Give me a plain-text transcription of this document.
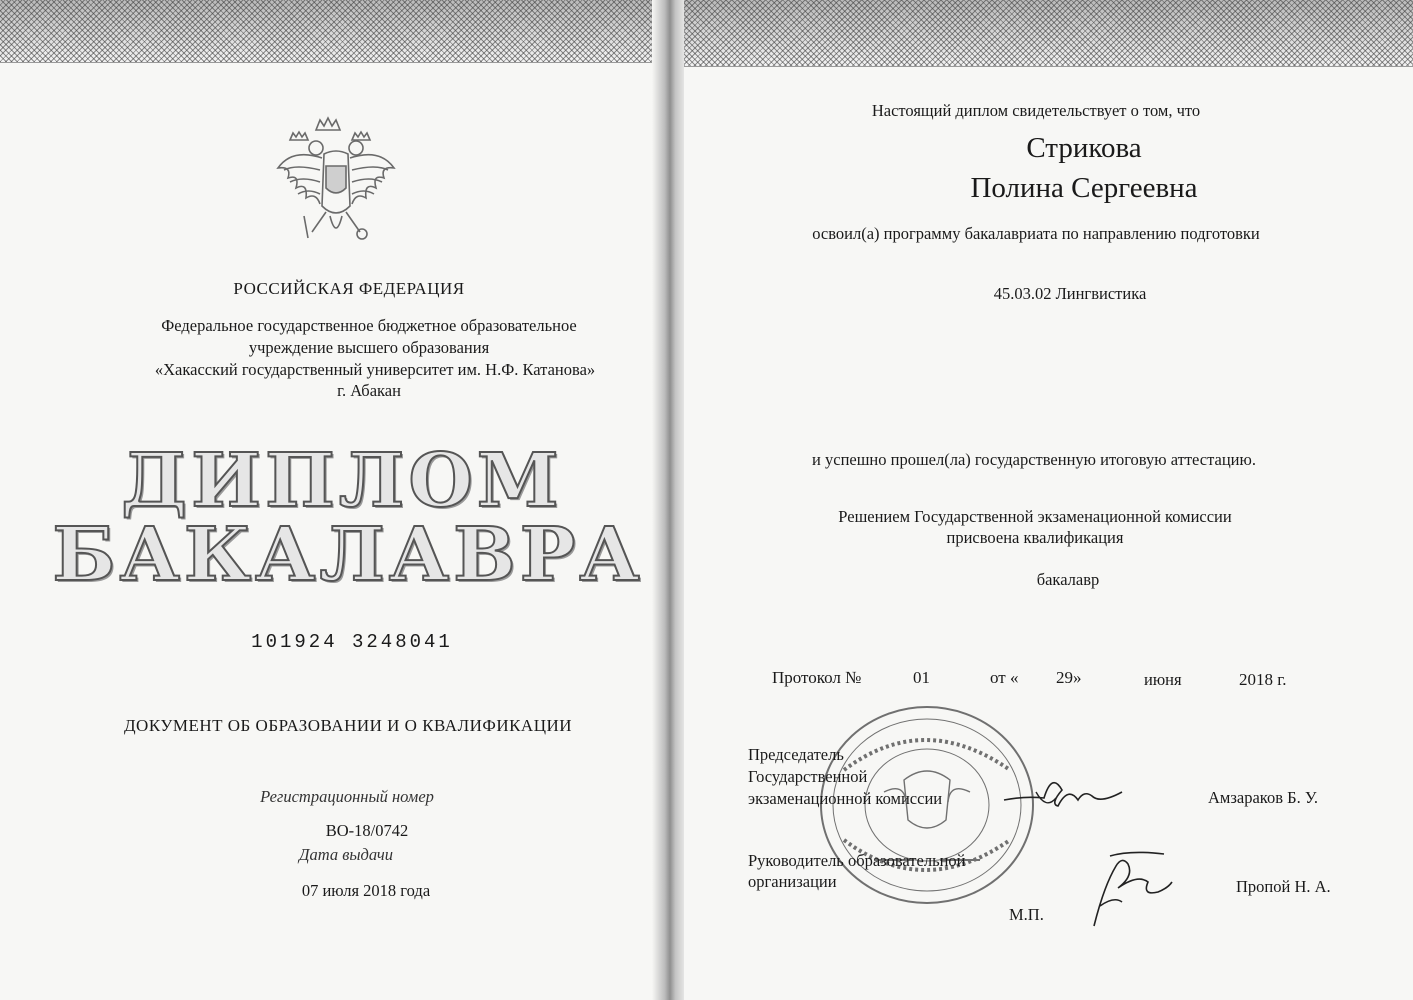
РОССИЙСКАЯ ФЕДЕРАЦИЯ
Федеральное государственное бюджетное образовательное
учреждение высшего образования
«Хакасский государственный университет им. Н.Ф. Катанова»
г. Абакан
ДИПЛОМ
БАКАЛАВРА
101924 3248041
ДОКУМЕНТ ОБ ОБРАЗОВАНИИ И О КВАЛИФИКАЦИИ
Регистрационный номер
ВО-18/0742
Дата выдачи
07 июля 2018 года
Настоящий диплом свидетельствует о том, что
Стрикова
Полина Сергеевна
освоил(а) программу бакалавриата по направлению подготовки
45.03.02 Лингвистика
и успешно прошел(ла) государственную итоговую аттестацию.
Решением Государственной экзаменационной комиссии
присвоена квалификация
бакалавр
Протокол №	01	от « 29»	июня	2018 г.
Председатель
Государственной
экзаменационной комиссии	Амзараков Б. У.
Руководитель образовательной
организации	Пропой Н. А.
М.П.
